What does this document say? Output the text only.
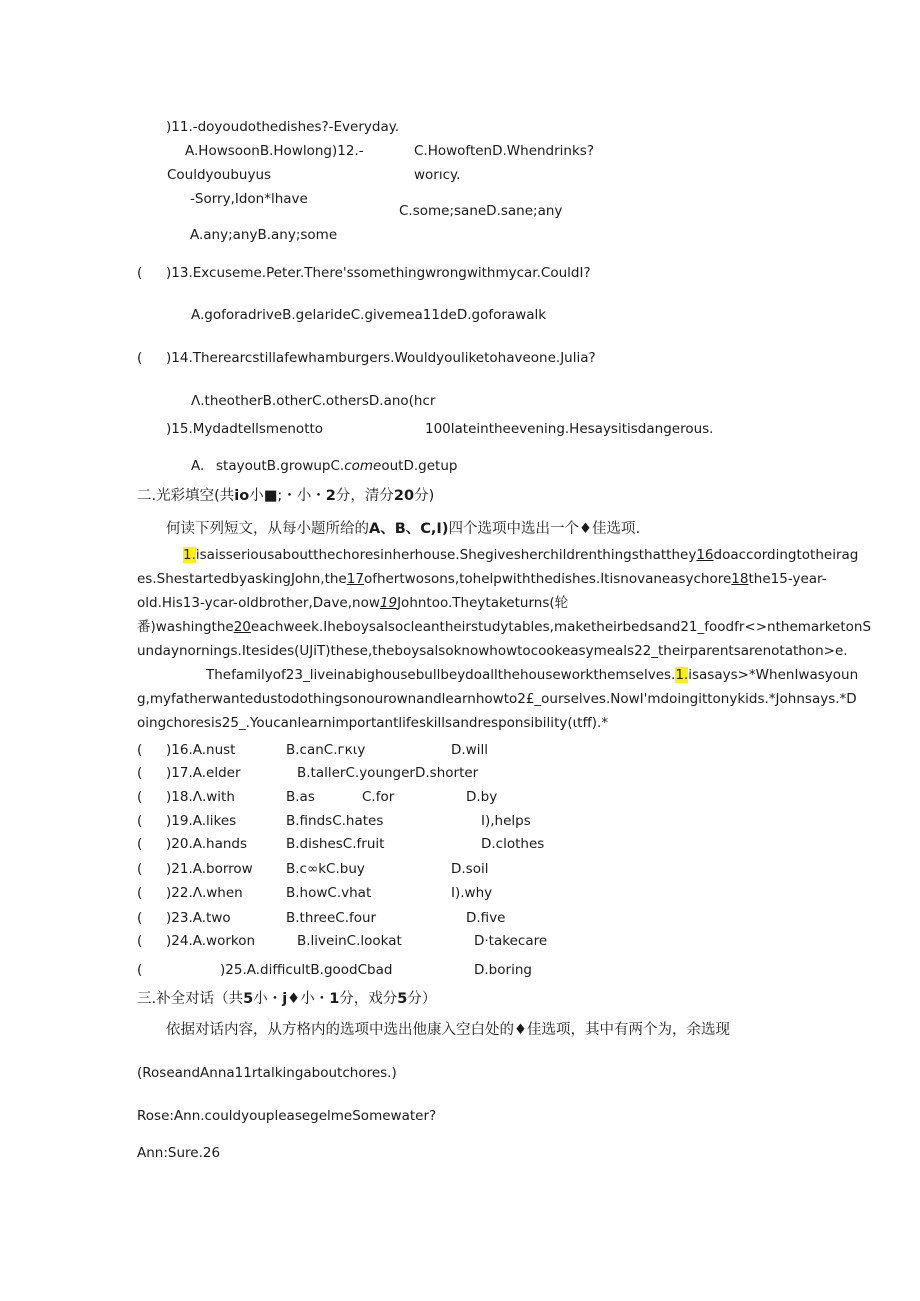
)11.-doyoudothedishes?-Everyday.

A.HowsoonB.Howlong)12.-	C.HowoftenD.Whendrinks?

Couldyoubuyus	worıcy.

-Sorry,Idon*lhave

C.some;saneD.sane;any

A.any;anyB.any;some

( )13.Excuseme.Peter.There'ssomethingwrongwithmycar.CouldI?

A.goforadriveB.gelarideC.givemea11deD.goforawalk

( )14.Therearcstillafewhamburgers.Wouldyouliketohaveone.Julia?

Λ.theotherB.otherC.othersD.ano(hcr

)15.Mydadtellsmenotto	100lateintheevening.Hesaysitisdangerous.

A. stayoutB.growupC.comeoutD.getup

二.光彩填空(共io小■;・小・2分，清分20分)

何读下列短文，从每小题所给的A、B、C,I)四个选项中选出一个♦佳选项.

1.isaisseriousaboutthechoresinherhouse.Shegivesherchildrenthingsthatthey16doaccordingtotheirag

es.ShestartedbyaskingJohn,the17ofhertwosons,tohelpwiththedishes.Itisnovaneasychore18the15-year-

old.His13-ycar-oldbrother,Dave,now19Johntoo.Theytaketurns(轮

番)washingthe20eachweek.Ihebоуsalsocleantheirstudytables,maketheirbedsand21_foodfr<>nthemarketonS

undaynornings.Itesides(UJiT)these,theboysalsoknowhowtocookeasymeals22_theirparentsarenotathon>e.

Thefamilyof23_liveinabighousebullbeydoallthehouseworkthemselves.1.isasays>*WhenIwasyoun

g,myfatherwantedustodothingsonourownandlearnhowto2£_ourselves.NowI'mdoingittonykids.*Johnsays.*D

oingchoresis25_.Youcanlearnimportantlifeskillsandresponsibility(ιtff).*

( )16.A.nust	B.canC.гкιу	D.will
( )17.A.elder	B.tallerC.youngerD.shorter
( )18.Λ.with	B.as	C.for	D.by
( )19.A.likes	B.findsC.hates	I),helps
( )20.A.hands	B.dishesC.fruit	D.clothes
( )21.A.borrow B.c∞kC.buy	D.soil
( )22.Λ.when	B.howC.vhat	I).why
( )23.A.two	B.threeC.four	D.five
( )24.A.workon	B.liveinC.lookat	D·takecare
(	)25.A.difficultB.goodCbad	D.boring

三.补全对话（共5小・j♦小・1分，戏分5分）

依据对话内容，从方格内的选项中选出他康入空白处的♦佳选项，其中有两个为，余选现

(RoseandAnna11rtalkingaboutchores.)

Rose:Ann.couldyoupleasegelmeSomewater?

Ann:Sure.26
